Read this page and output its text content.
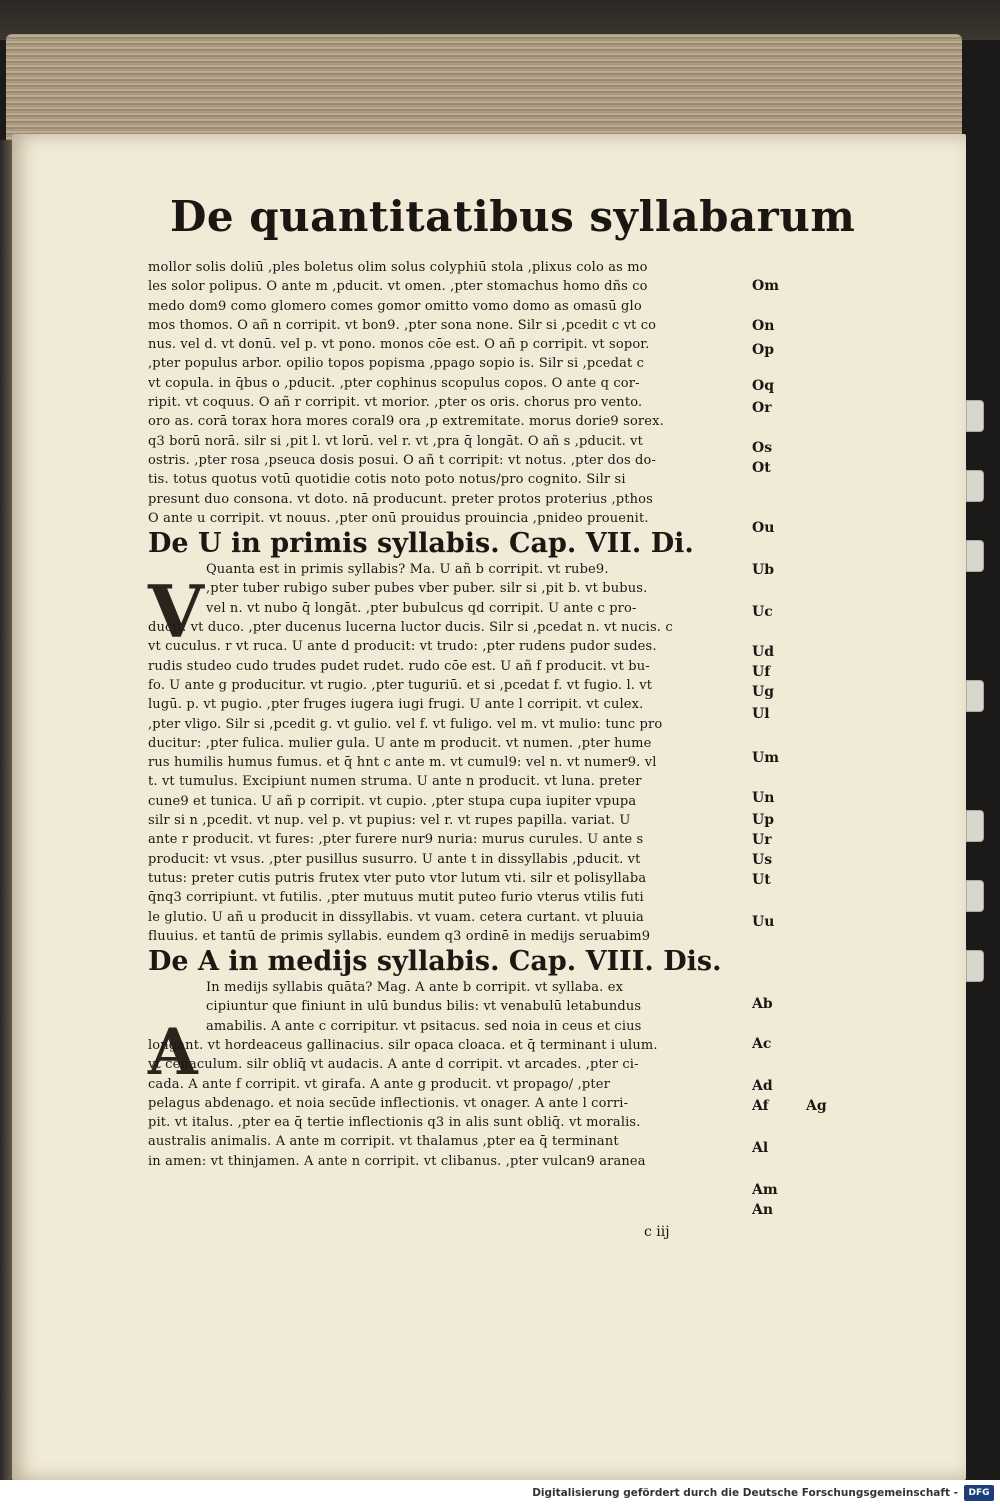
De quantitatibus syllabarum
V
A
mollor solis doliū ,ples boletus olim solus colyphiū stola ,plixus colo as mo
les solor polipus. O ante m ,pducit. vt omen. ,pter stomachus homo dñs co
medo dom9 como glomero comes gomor omitto vomo domo as omasū glo
mos thomos. O añ n corripit. vt bon9. ,pter sona none. Silr si ,pcedit c vt co
nus. vel d. vt donū. vel p. vt pono. monos cōe est. O añ p corripit. vt sopor.
,pter populus arbor. opilio topos popisma ,ppago sopio is. Silr si ,pcedat c
vt copula. in q̄bus o ,pducit. ,pter cophinus scopulus copos. O ante q cor-
ripit. vt coquus. O añ r corripit. vt morior. ,pter os oris. chorus pro vento.
oro as. corā torax hora mores coral9 ora ,p extremitate. morus dorie9 sorex.
q3 borū norā. silr si ,pit l. vt lorū. vel r. vt ,pra q̄ longāt. O añ s ,pducit. vt
ostris. ,pter rosa ,pseuca dosis posui. O añ t corripit: vt notus. ,pter dos do-
tis. totus quotus votū quotidie cotis noto poto notus/pro cognito. Silr si
presunt duo consona. vt doto. nā producunt. preter protos proterius ,pthos
O ante u corripit. vt nouus. ,pter onū prouidus prouincia ,pnideo prouenit.
De U in primis syllabis. Cap. VII. Di.
Quanta est in primis syllabis? Ma. U añ b corripit. vt rube9.
,pter tuber rubigo suber pubes vber puber. silr si ,pit b. vt bubus.
vel n. vt nubo q̄ longāt. ,pter bubulcus qd corripit. U ante c pro-
ducit. vt duco. ,pter ducenus lucerna luctor ducis. Silr si ,pcedat n. vt nucis. c
vt cuculus. r vt ruca. U ante d producit: vt trudo: ,pter rudens pudor sudes.
rudis studeo cudo trudes pudet rudet. rudo cōe est. U añ f producit. vt bu-
fo. U ante g producitur. vt rugio. ,pter tuguriū. et si ,pcedat f. vt fugio. l. vt
lugū. p. vt pugio. ,pter fruges iugera iugi frugi. U ante l corripit. vt culex.
,pter vligo. Silr si ,pcedit g. vt gulio. vel f. vt fuligo. vel m. vt mulio: tunc pro
ducitur: ,pter fulica. mulier gula. U ante m producit. vt numen. ,pter hume
rus humilis humus fumus. et q̄ hnt c ante m. vt cumul9: vel n. vt numer9. vl
t. vt tumulus. Excipiunt numen struma. U ante n producit. vt luna. preter
cune9 et tunica. U añ p corripit. vt cupio. ,pter stupa cupa iupiter vpupa
silr si n ,pcedit. vt nup. vel p. vt pupius: vel r. vt rupes papilla. variat. U
ante r producit. vt fures: ,pter furere nur9 nuria: murus curules. U ante s
producit: vt vsus. ,pter pusillus susurro. U ante t in dissyllabis ,pducit. vt
tutus: preter cutis putris frutex vter puto vtor lutum vti. silr et polisyllaba
q̄nq3 corripiunt. vt futilis. ,pter mutuus mutit puteo furio vterus vtilis futi
le glutio. U añ u producit in dissyllabis. vt vuam. cetera curtant. vt pluuia
fluuius. et tantū de primis syllabis. eundem q3 ordinē in medijs seruabim9
De A in medijs syllabis. Cap. VIII. Dis.
In medijs syllabis quāta? Mag. A ante b corripit. vt syllaba. ex
cipiuntur que finiunt in ulū bundus bilis: vt venabulū letabundus
amabilis. A ante c corripitur. vt psitacus. sed noia in ceus et cius
longant. vt hordeaceus gallinacius. silr opaca cloaca. et q̄ terminant i ulum.
vt cenaculum. silr obliq̄ vt audacis. A ante d corripit. vt arcades. ,pter ci-
cada. A ante f corripit. vt girafa. A ante g producit. vt propago/ ,pter
pelagus abdenago. et noia secūde inflectionis. vt onager. A ante l corri-
pit. vt italus. ,pter ea q̄ tertie inflectionis q3 in alis sunt obliq̄. vt moralis.
australis animalis. A ante m corripit. vt thalamus ,pter ea q̄ terminant
in amen: vt thinjamen. A ante n corripit. vt clibanus. ,pter vulcan9 aranea
Om
On
Op
Oq
Or
Os
Ot
Ou
Ub
Uc
Ud
Uf
Ug
Ul
Um
Un
Up
Ur
Us
Ut
Uu
Ab
Ac
Ad
Af	Ag
Al
Am
An
c iij
Digitalisierung gefördert durch die Deutsche Forschungsgemeinschaft -	DFG
